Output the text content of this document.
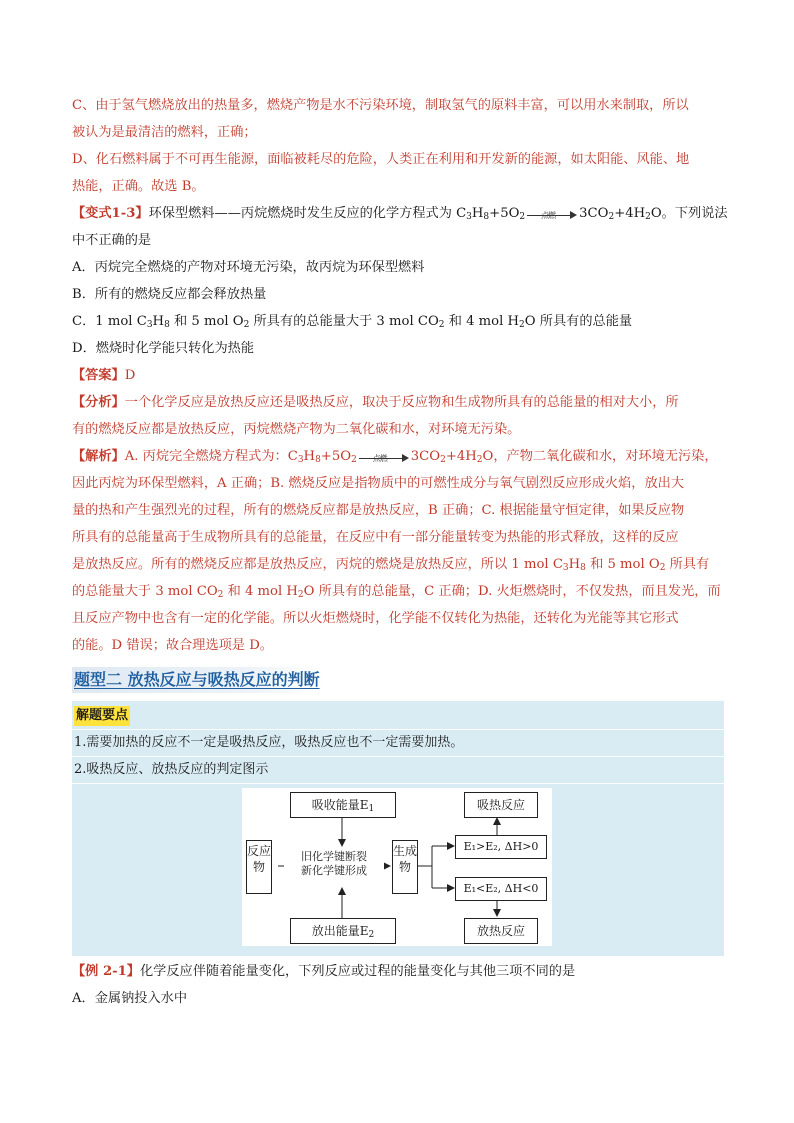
C、由于氢气燃烧放出的热量多，燃烧产物是水不污染环境，制取氢气的原料丰富，可以用水来制取，所以
被认为是最清洁的燃料，正确；
D、化石燃料属于不可再生能源，面临被耗尽的危险，人类正在利用和开发新的能源，如太阳能、风能、地
热能，正确。故选 B。
【变式1-3】环保型燃料——丙烷燃烧时发生反应的化学方程式为 $C_3H_8+5O_2$ 点燃 $3CO_2+4H_2O$。下列说法
中不正确的是
A．丙烷完全燃烧的产物对环境无污染，故丙烷为环保型燃料
B．所有的燃烧反应都会释放热量
C．1 mol $C_3H_8$ 和 5 mol $O_2$ 所具有的总能量大于 3 mol $CO_2$ 和 4 mol $H_2O$ 所具有的总能量
D．燃烧时化学能只转化为热能
【答案】D
【分析】一个化学反应是放热反应还是吸热反应，取决于反应物和生成物所具有的总能量的相对大小，所
有的燃烧反应都是放热反应，丙烷燃烧产物为二氧化碳和水，对环境无污染。
【解析】A. 丙烷完全燃烧方程式为：$C_3H_8+5O_2$ 点燃 $3CO_2+4H_2O$，产物二氧化碳和水，对环境无污染，
因此丙烷为环保型燃料，A 正确；B. 燃烧反应是指物质中的可燃性成分与氧气剧烈反应形成火焰，放出大
量的热和产生强烈光的过程，所有的燃烧反应都是放热反应，B 正确；C. 根据能量守恒定律，如果反应物
所具有的总能量高于生成物所具有的总能量，在反应中有一部分能量转变为热能的形式释放，这样的反应
是放热反应。所有的燃烧反应都是放热反应，丙烷的燃烧是放热反应，所以 1 mol $C_3H_8$ 和 5 mol $O_2$ 所具有
的总能量大于 3 mol $CO_2$ 和 4 mol $H_2O$ 所具有的总能量，C 正确；D. 火炬燃烧时，不仅发热，而且发光，而
且反应产物中也含有一定的化学能。所以火炬燃烧时，化学能不仅转化为热能，还转化为光能等其它形式
的能。D 错误；故合理选项是 D。
题型二 放热反应与吸热反应的判断
解题要点
1.需要加热的反应不一定是吸热反应，吸热反应也不一定需要加热。
2.吸热反应、放热反应的判定图示
吸收能量$E_1$
放出能量$E_2$
反应物
旧化学键断裂
新化学键形成
生成物
E₁>E₂, ΔH>0
E₁<E₂, ΔH<0
吸热反应
放热反应
【例 2-1】化学反应伴随着能量变化，下列反应或过程的能量变化与其他三项不同的是
A．金属钠投入水中
